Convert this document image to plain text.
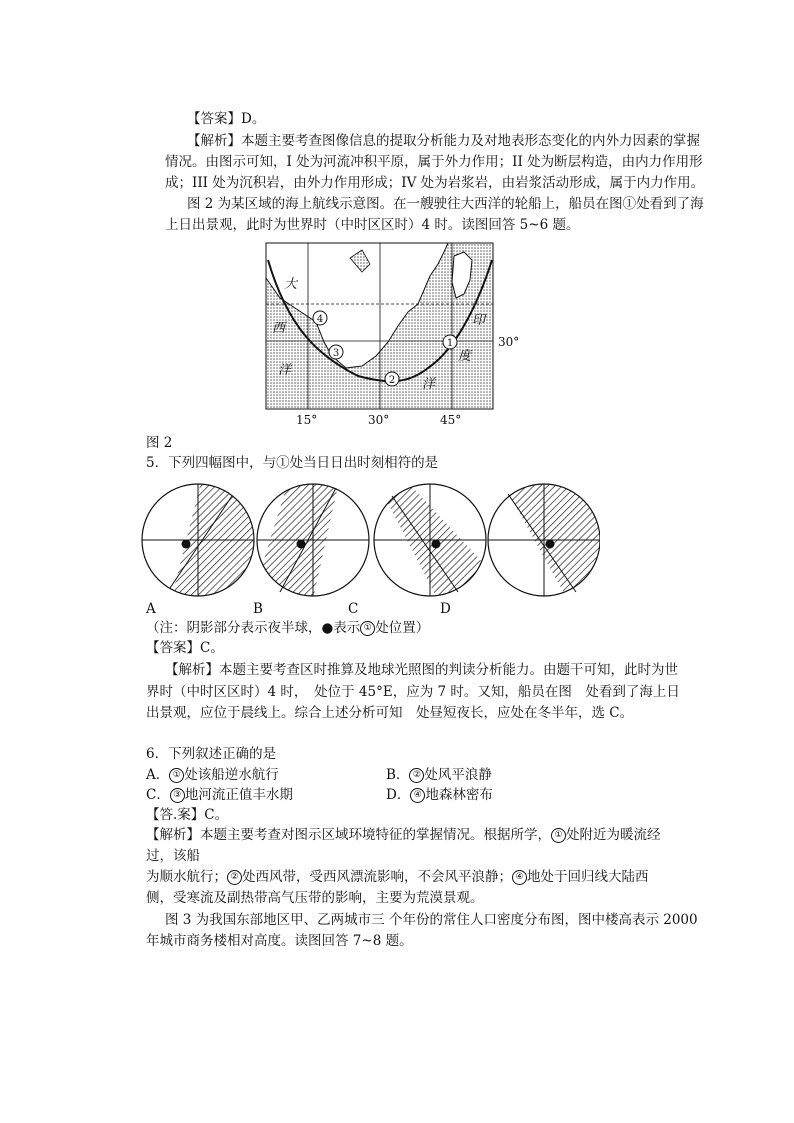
【答案】D。
【解析】本题主要考查图像信息的提取分析能力及对地表形态变化的内外力因素的掌握
情况。由图示可知，I 处为河流冲积平原，属于外力作用；II 处为断层构造，由内力作用形
成；III 处为沉积岩，由外力作用形成；IV 处为岩浆岩，由岩浆活动形成，属于内力作用。
图 2 为某区域的海上航线示意图。在一艘驶往大西洋的轮船上，船员在图①处看到了海
上日出景观，此时为世界时（中时区区时）4 时。读图回答 5~6 题。
4
3
2
1
大
西
洋
印
度
洋
30°
15°	30°	45°
图 2
5．下列四幅图中，与①处当日日出时刻相符的是
A	B	C	D
（注：阴影部分表示夜半球，●表示 ① 处位置）
【答案】C。
【解析】本题主要考查区时推算及地球光照图的判读分析能力。由题干可知，此时为世
界时（中时区区时）4 时，　处位于 45°E，应为 7 时。又知，船员在图　处看到了海上日
出景观，应位于晨线上。综合上述分析可知　处昼短夜长，应处在冬半年，选 C。
6．下列叙述正确的是
A． ① 处该船逆水航行	B． ② 处风平浪静
C． ③ 地河流正值丰水期	D． ④ 地森林密布
【答.案】C。
【解析】本题主要考查对图示区域环境特征的掌握情况。根据所学， ① 处附近为暖流经
过，该船
为顺水航行； ② 处西风带，受西风漂流影响，不会风平浪静； ④ 地处于回归线大陆西
侧，受寒流及副热带高气压带的影响，主要为荒漠景观。
图 3 为我国东部地区甲、乙两城市三 个年份的常住人口密度分布图，图中楼高表示 2000
年城市商务楼相对高度。读图回答 7~8 题。
